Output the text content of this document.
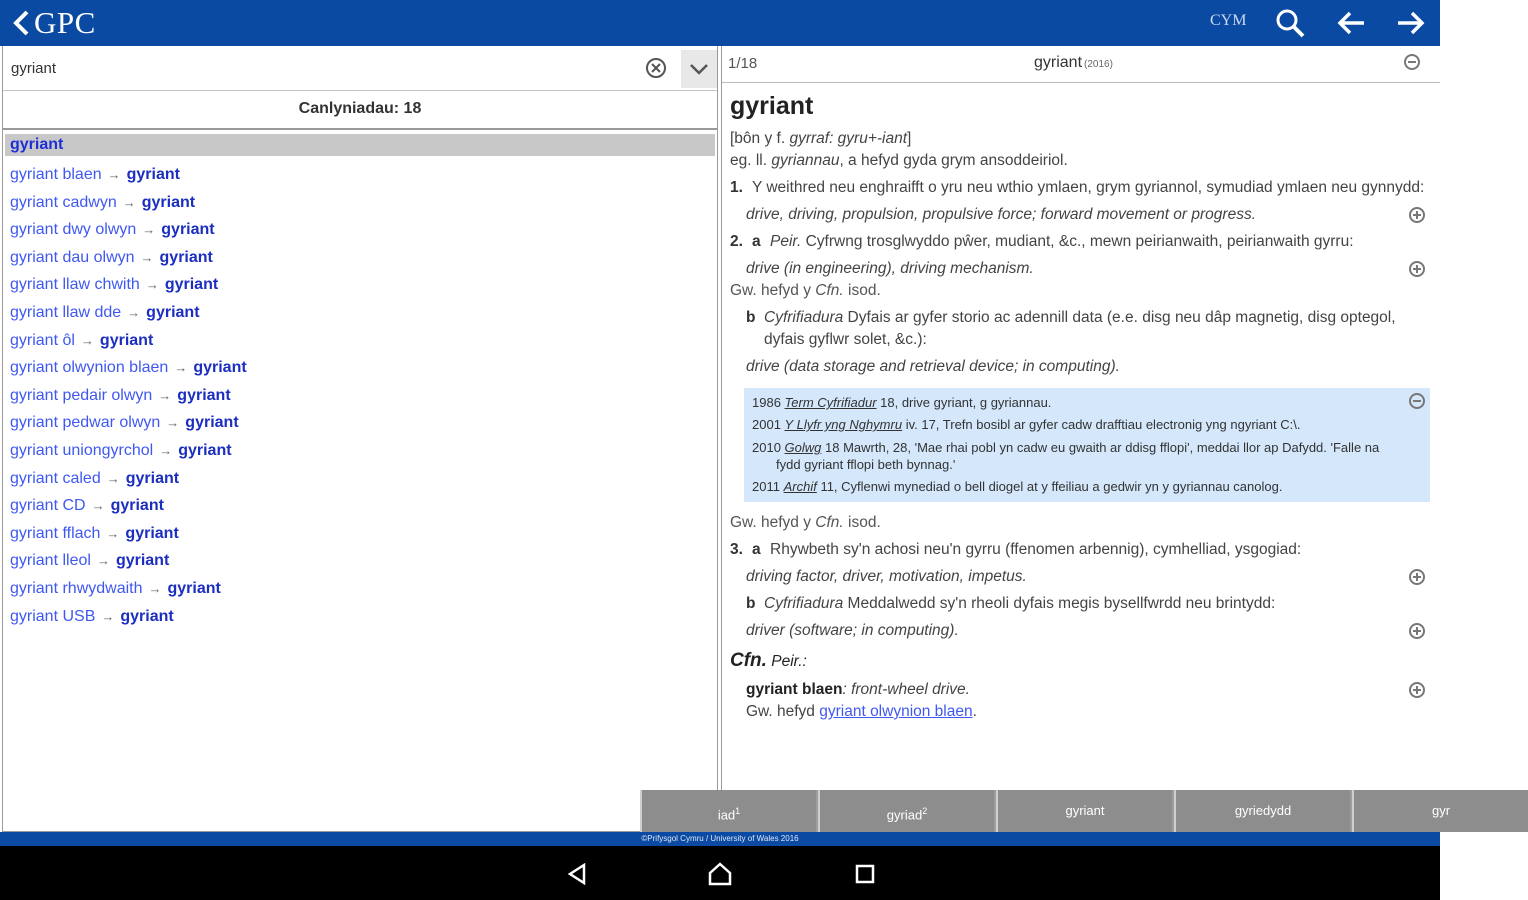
GPC	CYM
gyriant
Canlyniadau: 18
gyriant
gyriant blaen → gyriant
gyriant cadwyn → gyriant
gyriant dwy olwyn → gyriant
gyriant dau olwyn → gyriant
gyriant llaw chwith → gyriant
gyriant llaw dde → gyriant
gyriant ôl → gyriant
gyriant olwynion blaen → gyriant
gyriant pedair olwyn → gyriant
gyriant pedwar olwyn → gyriant
gyriant uniongyrchol → gyriant
gyriant caled → gyriant
gyriant CD → gyriant
gyriant fflach → gyriant
gyriant lleol → gyriant
gyriant rhwydwaith → gyriant
gyriant USB → gyriant
1/18	gyriant (2016)
gyriant

[bôn y f. gyrraf: gyru+-iant]

eg. ll. gyriannau, a hefyd gyda grym ansoddeiriol.

1. Y weithred neu enghraifft o yru neu wthio ymlaen, grym gyriannol, symudiad ymlaen neu gynnydd:
drive, driving, propulsion, propulsive force; forward movement or progress.
2. a Peir. Cyfrwng trosglwyddo pŵer, mudiant, &c., mewn peirianwaith, peirianwaith gyrru:
drive (in engineering), driving mechanism.

Gw. hefyd y Cfn. isod.

b Cyfrifiadura Dyfais ar gyfer storio ac adennill data (e.e. disg neu dâp magnetig, disg optegol, dyfais gyflwr solet, &c.):
drive (data storage and retrieval device; in computing).

1986 Term Cyfrifiadur 18, drive gyriant, g gyriannau.

2001 Y Llyfr yng Nghymru iv. 17, Trefn bosibl ar gyfer cadw drafftiau electronig yng ngyriant C:\.

2010 Golwg 18 Mawrth, 28, 'Mae rhai pobl yn cadw eu gwaith ar ddisg fflopi', meddai llor ap Dafydd. 'Falle na fydd gyriant fflopi beth bynnag.'

2011 Archif 11, Cyflenwi mynediad o bell diogel at y ffeiliau a gedwir yn y gyriannau canolog.

Gw. hefyd y Cfn. isod.

3. a Rhywbeth sy'n achosi neu'n gyrru (ffenomen arbennig), cymhelliad, ysgogiad:
driving factor, driver, motivation, impetus.
b Cyfrifiadura Meddalwedd sy'n rheoli dyfais megis bysellfwrdd neu brintydd:
driver (software; in computing).
Cfn. Peir.:
gyriant blaen: front-wheel drive.

Gw. hefyd gyriant olwynion blaen.

iad$^1$	gyriad$^2$	gyriant	gyriedydd	gyr
©Prifysgol Cymru / University of Wales 2016
